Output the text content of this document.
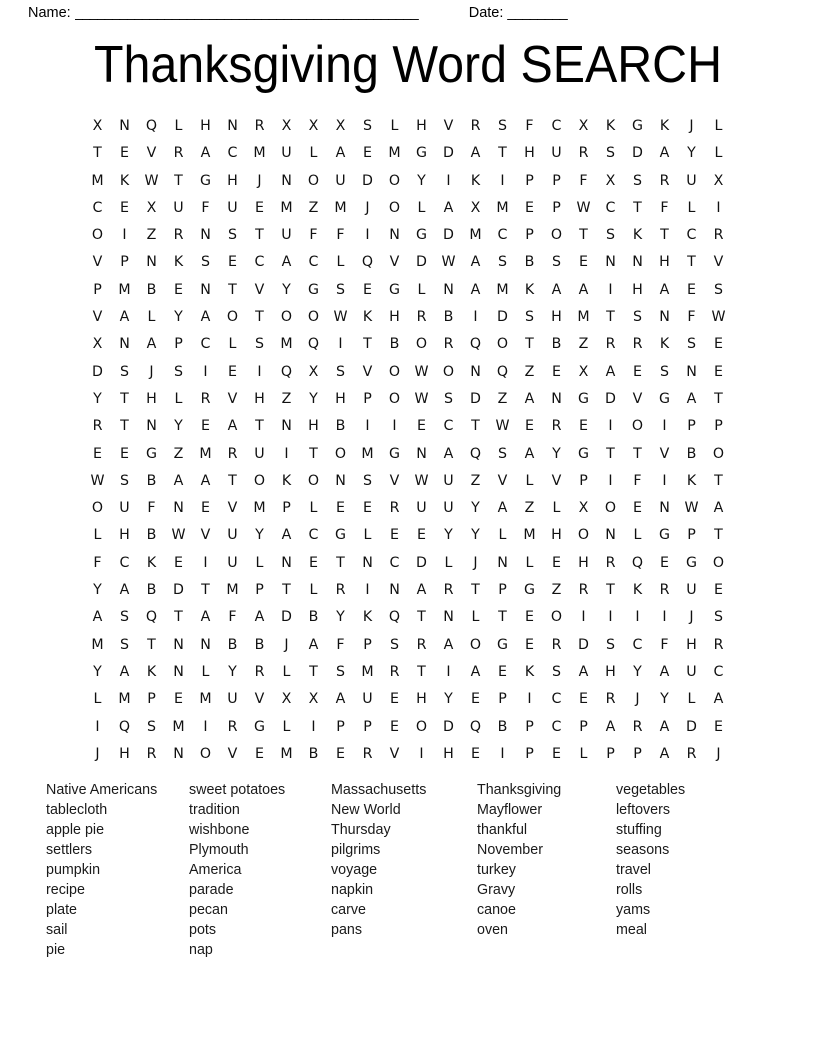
Name: ______________________________________________	Date: ________
Thanksgiving Word SEARCH
X	N	Q	L	H	N	R	X	X	X	S	L	H	V	R	S	F	C	X	K	G	K	J	L
T	E	V	R	A	C	M	U	L	A	E	M	G	D	A	T	H	U	R	S	D	A	Y	L
M	K	W	T	G	H	J	N	O	U	D	O	Y	I	K	I	P	P	F	X	S	R	U	X
C	E	X	U	F	U	E	M	Z	M	J	O	L	A	X	M	E	P	W	C	T	F	L	I
O	I	Z	R	N	S	T	U	F	F	I	N	G	D	M	C	P	O	T	S	K	T	C	R
V	P	N	K	S	E	C	A	C	L	Q	V	D	W	A	S	B	S	E	N	N	H	T	V
P	M	B	E	N	T	V	Y	G	S	E	G	L	N	A	M	K	A	A	I	H	A	E	S
V	A	L	Y	A	O	T	O	O	W	K	H	R	B	I	D	S	H	M	T	S	N	F	W
X	N	A	P	C	L	S	M	Q	I	T	B	O	R	Q	O	T	B	Z	R	R	K	S	E
D	S	J	S	I	E	I	Q	X	S	V	O	W	O	N	Q	Z	E	X	A	E	S	N	E
Y	T	H	L	R	V	H	Z	Y	H	P	O	W	S	D	Z	A	N	G	D	V	G	A	T
R	T	N	Y	E	A	T	N	H	B	I	I	E	C	T	W	E	R	E	I	O	I	P	P
E	E	G	Z	M	R	U	I	T	O	M	G	N	A	Q	S	A	Y	G	T	T	V	B	O
W	S	B	A	A	T	O	K	O	N	S	V	W	U	Z	V	L	V	P	I	F	I	K	T
O	U	F	N	E	V	M	P	L	E	E	R	U	U	Y	A	Z	L	X	O	E	N	W	A
L	H	B	W	V	U	Y	A	C	G	L	E	E	Y	Y	L	M	H	O	N	L	G	P	T
F	C	K	E	I	U	L	N	E	T	N	C	D	L	J	N	L	E	H	R	Q	E	G	O
Y	A	B	D	T	M	P	T	L	R	I	N	A	R	T	P	G	Z	R	T	K	R	U	E
A	S	Q	T	A	F	A	D	B	Y	K	Q	T	N	L	T	E	O	I	I	I	I	J	S
M	S	T	N	N	B	B	J	A	F	P	S	R	A	O	G	E	R	D	S	C	F	H	R
Y	A	K	N	L	Y	R	L	T	S	M	R	T	I	A	E	K	S	A	H	Y	A	U	C
L	M	P	E	M	U	V	X	X	A	U	E	H	Y	E	P	I	C	E	R	J	Y	L	A
I	Q	S	M	I	R	G	L	I	P	P	E	O	D	Q	B	P	C	P	A	R	A	D	E
J	H	R	N	O	V	E	M	B	E	R	V	I	H	E	I	P	E	L	P	P	A	R	J
Native Americans
tablecloth
apple pie
settlers
pumpkin
recipe
plate
sail
pie
sweet potatoes
tradition
wishbone
Plymouth
America
parade
pecan
pots
nap
Massachusetts
New World
Thursday
pilgrims
voyage
napkin
carve
pans
Thanksgiving
Mayflower
thankful
November
turkey
Gravy
canoe
oven
vegetables
leftovers
stuffing
seasons
travel
rolls
yams
meal
